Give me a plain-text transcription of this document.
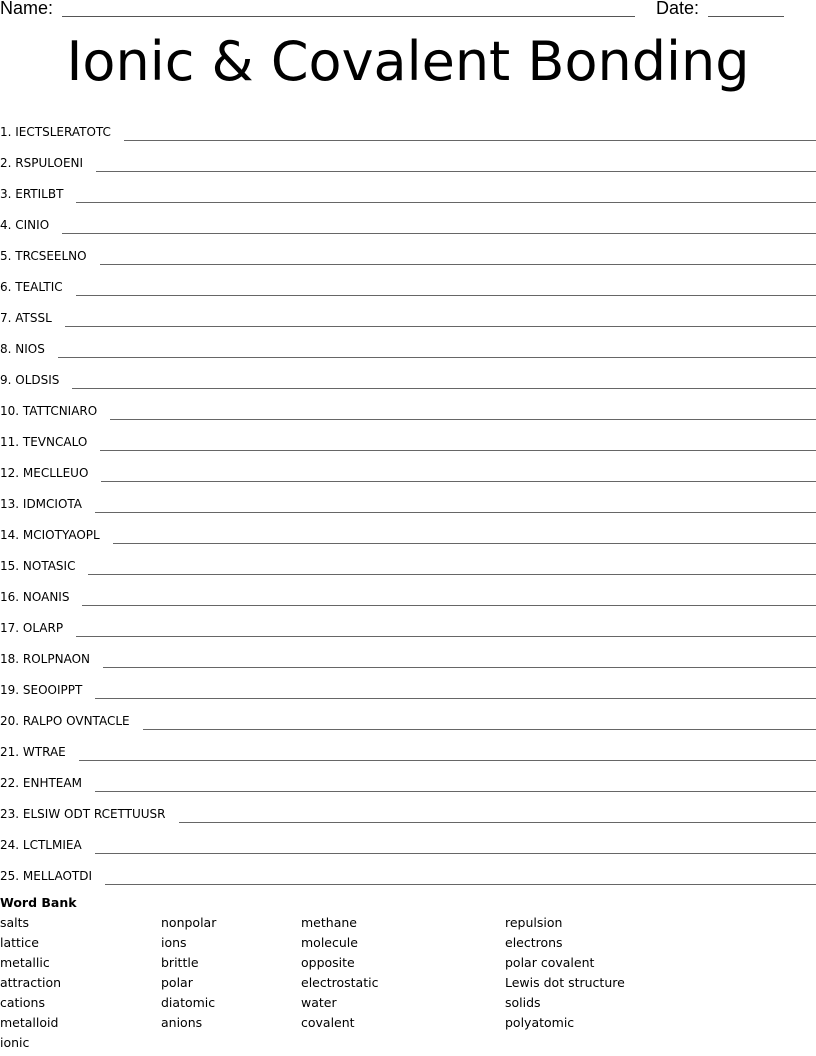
Name:	Date:
Ionic & Covalent Bonding
1. IECTSLERATOTC
2. RSPULOENI
3. ERTILBT
4. CINIO
5. TRCSEELNO
6. TEALTIC
7. ATSSL
8. NIOS
9. OLDSIS
10. TATTCNIARO
11. TEVNCALO
12. MECLLEUO
13. IDMCIOTA
14. MCIOTYAOPL
15. NOTASIC
16. NOANIS
17. OLARP
18. ROLPNAON
19. SEOOIPPT
20. RALPO OVNTACLE
21. WTRAE
22. ENHTEAM
23. ELSIW ODT RCETTUUSR
24. LCTLMIEA
25. MELLAOTDI
Word Bank
salts
lattice
metallic
attraction
cations
metalloid
ionic
nonpolar
ions
brittle
polar
diatomic
anions
methane
molecule
opposite
electrostatic
water
covalent
repulsion
electrons
polar covalent
Lewis dot structure
solids
polyatomic
